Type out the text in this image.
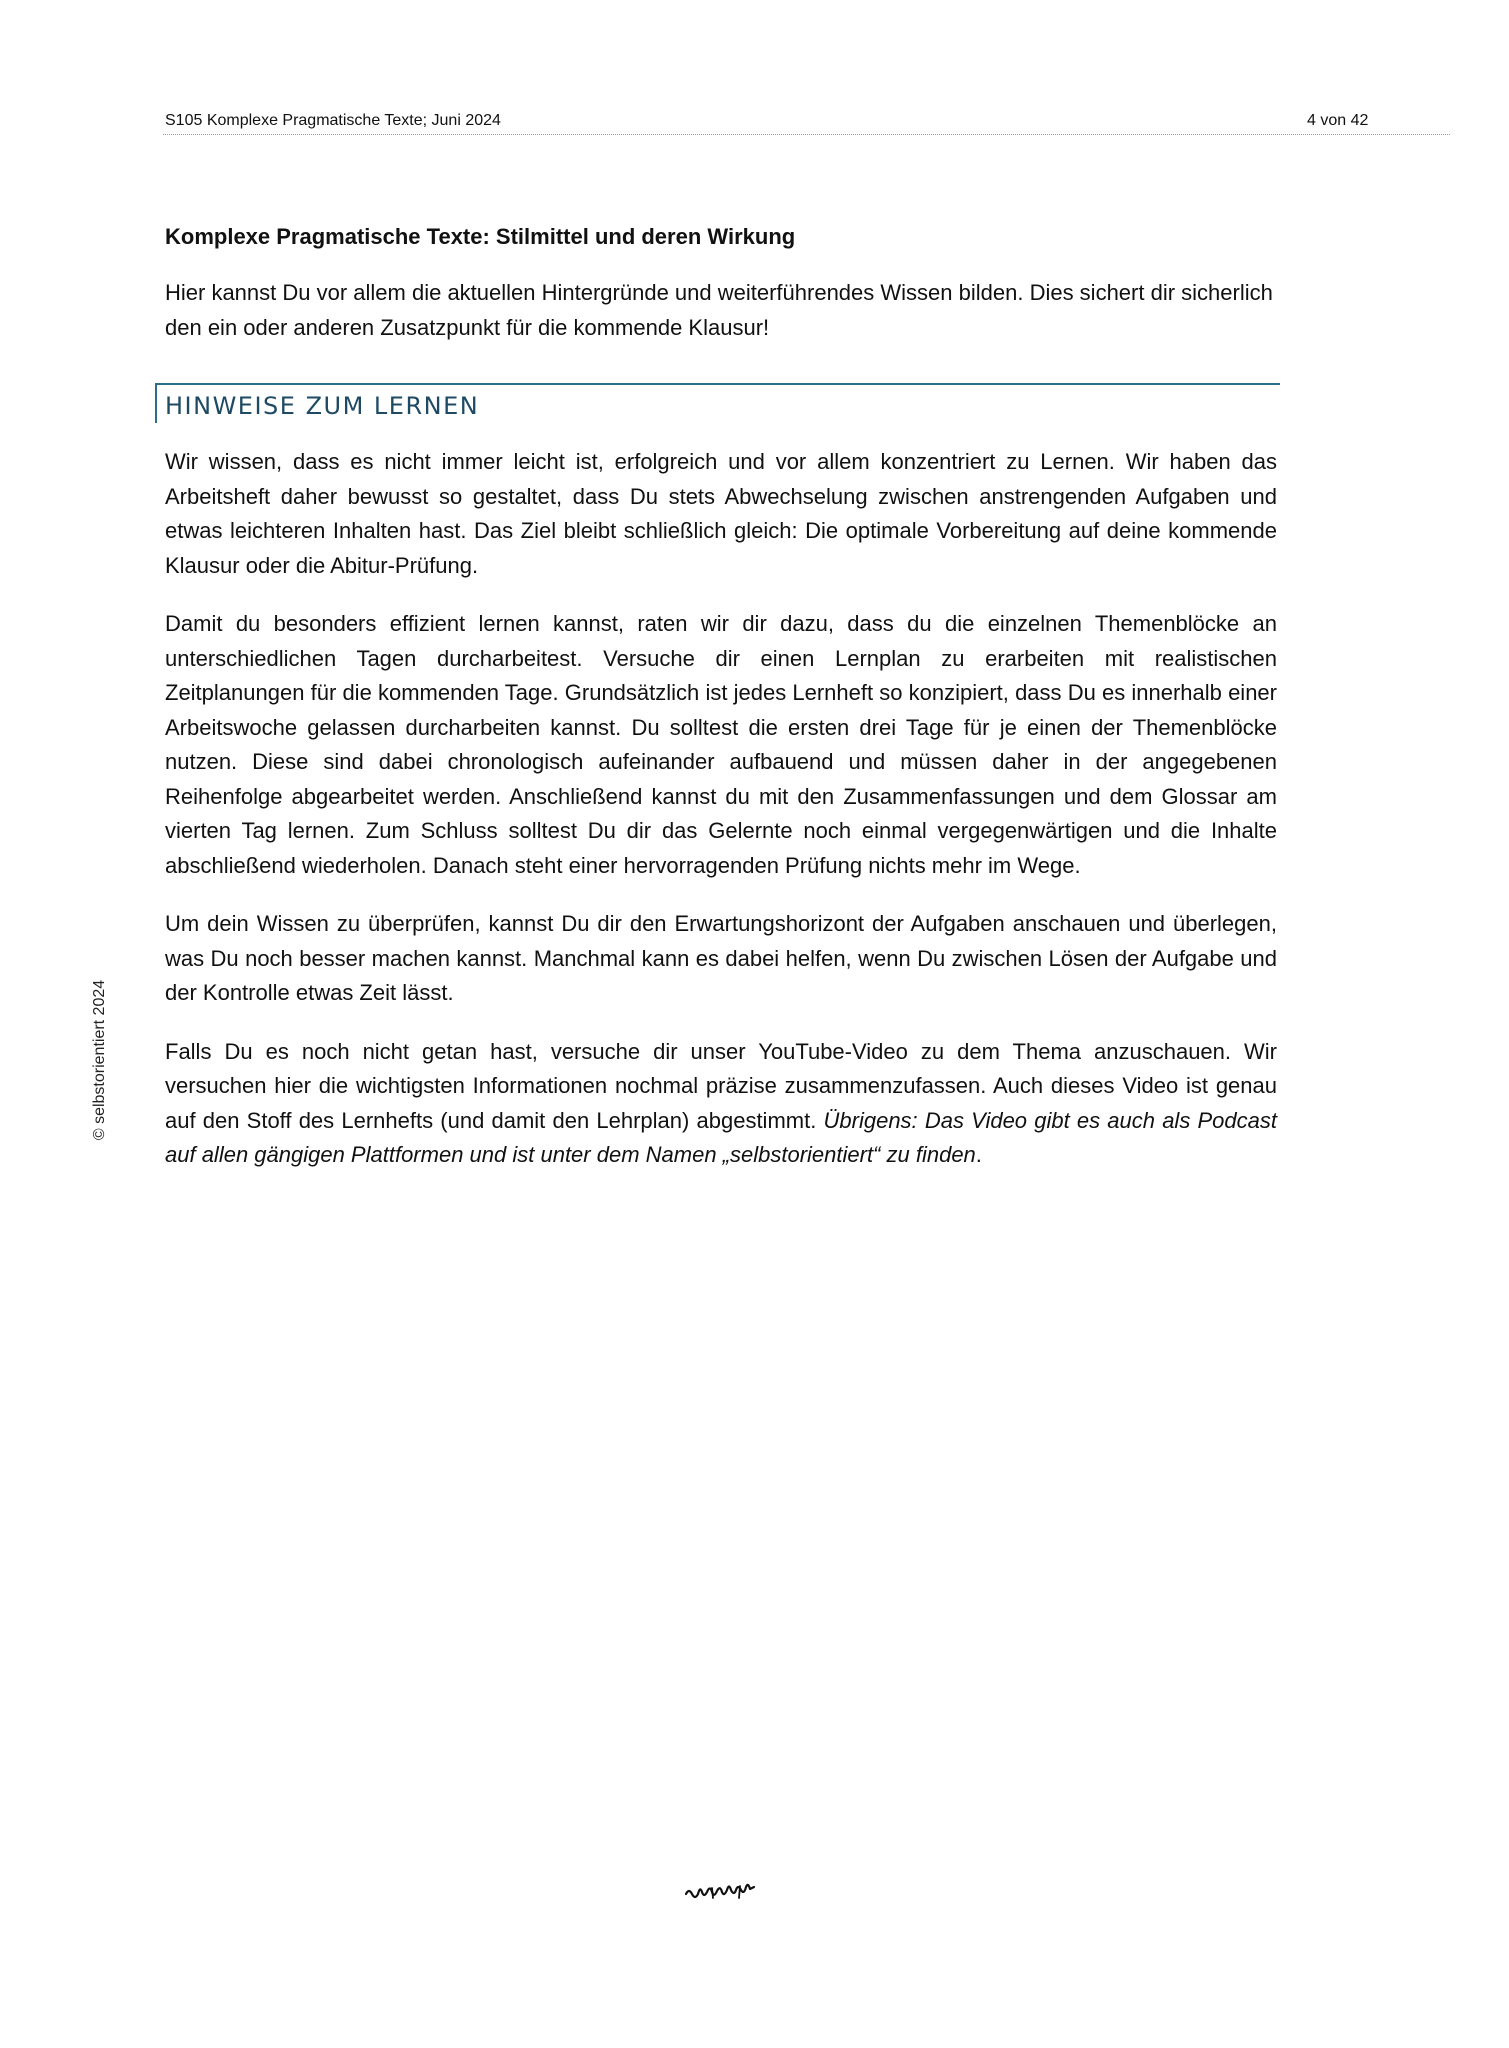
S105 Komplexe Pragmatische Texte; Juni 2024	4 von 42

Komplexe Pragmatische Texte: Stilmittel und deren Wirkung

Hier kannst Du vor allem die aktuellen Hintergründe und weiterführendes Wissen bilden. Dies sichert dir sicherlich den ein oder anderen Zusatzpunkt für die kommende Klausur!

HINWEISE ZUM LERNEN

Wir wissen, dass es nicht immer leicht ist, erfolgreich und vor allem konzentriert zu Lernen. Wir haben das Arbeitsheft daher bewusst so gestaltet, dass Du stets Abwechselung zwischen anstrengenden Aufgaben und etwas leichteren Inhalten hast. Das Ziel bleibt schließlich gleich: Die optimale Vorbereitung auf deine kommende Klausur oder die Abitur-Prüfung.

Damit du besonders effizient lernen kannst, raten wir dir dazu, dass du die einzelnen Themenblöcke an unterschiedlichen Tagen durcharbeitest. Versuche dir einen Lernplan zu erarbeiten mit realistischen Zeitplanungen für die kommenden Tage. Grundsätzlich ist jedes Lernheft so konzipiert, dass Du es innerhalb einer Arbeitswoche gelassen durcharbeiten kannst. Du solltest die ersten drei Tage für je einen der Themenblöcke nutzen. Diese sind dabei chronologisch aufeinander aufbauend und müssen daher in der angegebenen Reihenfolge abgearbeitet werden. Anschließend kannst du mit den Zusammenfassungen und dem Glossar am vierten Tag lernen. Zum Schluss solltest Du dir das Gelernte noch einmal vergegenwärtigen und die Inhalte abschließend wiederholen. Danach steht einer hervorragenden Prüfung nichts mehr im Wege.

Um dein Wissen zu überprüfen, kannst Du dir den Erwartungshorizont der Aufgaben anschauen und überlegen, was Du noch besser machen kannst. Manchmal kann es dabei helfen, wenn Du zwischen Lösen der Aufgabe und der Kontrolle etwas Zeit lässt.

Falls Du es noch nicht getan hast, versuche dir unser YouTube-Video zu dem Thema anzuschauen. Wir versuchen hier die wichtigsten Informationen nochmal präzise zusammenzufassen. Auch dieses Video ist genau auf den Stoff des Lernhefts (und damit den Lehrplan) abgestimmt. Übrigens: Das Video gibt es auch als Podcast auf allen gängigen Plattformen und ist unter dem Namen „selbstorientiert“ zu finden.

© selbstorientiert 2024
